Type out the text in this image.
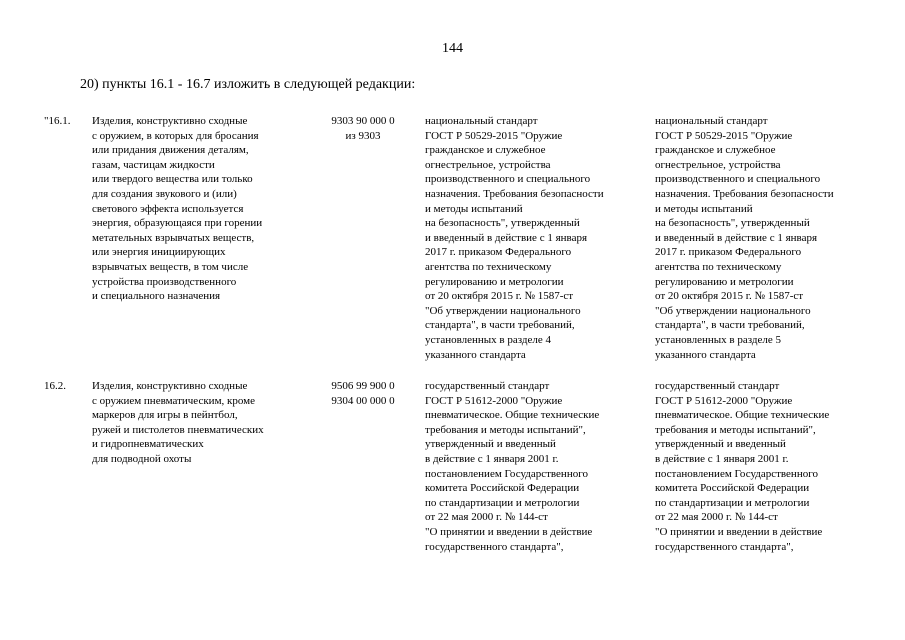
144
20) пункты 16.1 - 16.7 изложить в следующей редакции:
"16.1.	Изделия, конструктивно сходные
с оружием, в которых для бросания
или придания движения деталям,
газам, частицам жидкости
или твердого вещества или только
для создания звукового и (или)
светового эффекта используется
энергия, образующаяся при горении
метательных взрывчатых веществ,
или энергия инициирующих
взрывчатых веществ, в том числе
устройства производственного
и специального назначения
9303 90 000 0
из 9303
национальный стандарт
ГОСТ Р 50529-2015 "Оружие
гражданское и служебное
огнестрельное, устройства
производственного и специального
назначения. Требования безопасности
и методы испытаний
на безопасность", утвержденный
и введенный в действие с 1 января
2017 г. приказом Федерального
агентства по техническому
регулированию и метрологии
от 20 октября 2015 г. № 1587-ст
"Об утверждении национального
стандарта", в части требований,
установленных в разделе 4
указанного стандарта
национальный стандарт
ГОСТ Р 50529-2015 "Оружие
гражданское и служебное
огнестрельное, устройства
производственного и специального
назначения. Требования безопасности
и методы испытаний
на безопасность", утвержденный
и введенный в действие с 1 января
2017 г. приказом Федерального
агентства по техническому
регулированию и метрологии
от 20 октября 2015 г. № 1587-ст
"Об утверждении национального
стандарта", в части требований,
установленных в разделе 5
указанного стандарта
16.2.	Изделия, конструктивно сходные
с оружием пневматическим, кроме
маркеров для игры в пейнтбол,
ружей и пистолетов пневматических
и гидропневматических
для подводной охоты
9506 99 900 0
9304 00 000 0
государственный стандарт
ГОСТ Р 51612-2000 "Оружие
пневматическое. Общие технические
требования и методы испытаний",
утвержденный и введенный
в действие с 1 января 2001 г.
постановлением Государственного
комитета Российской Федерации
по стандартизации и метрологии
от 22 мая 2000 г. № 144-ст
"О принятии и введении в действие
государственного стандарта",
государственный стандарт
ГОСТ Р 51612-2000 "Оружие
пневматическое. Общие технические
требования и методы испытаний",
утвержденный и введенный
в действие с 1 января 2001 г.
постановлением Государственного
комитета Российской Федерации
по стандартизации и метрологии
от 22 мая 2000 г. № 144-ст
"О принятии и введении в действие
государственного стандарта",
